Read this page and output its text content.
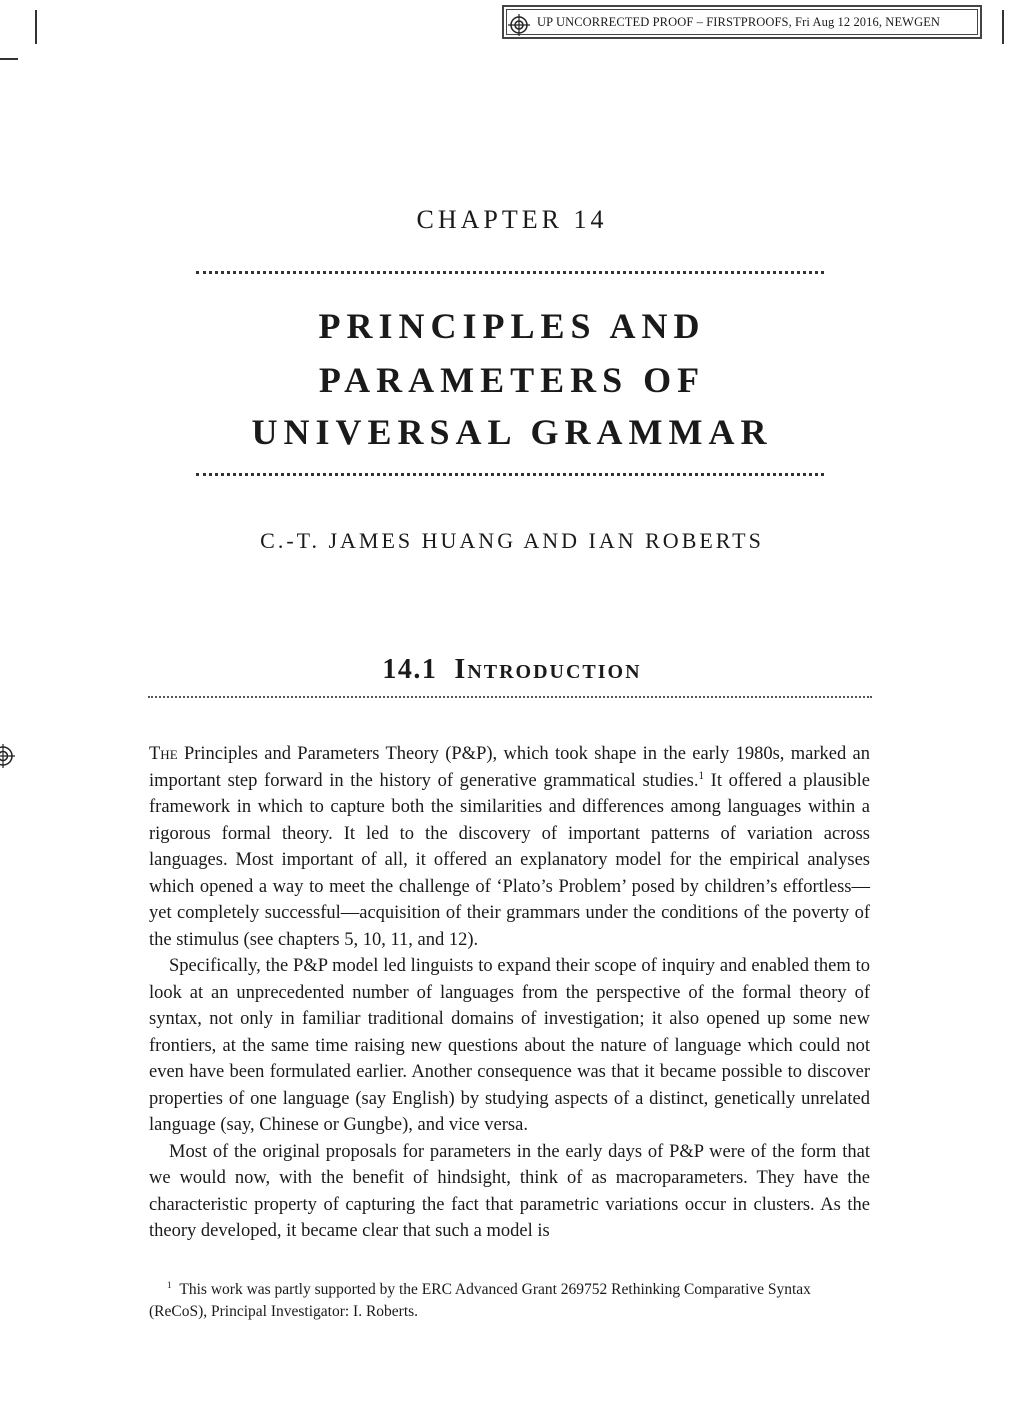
UP UNCORRECTED PROOF – FIRSTPROOFS, Fri Aug 12 2016, NEWGEN
CHAPTER 14
PRINCIPLES AND
PARAMETERS OF
UNIVERSAL GRAMMAR
C.-T. JAMES HUANG AND IAN ROBERTS
14.1 Introduction

The Principles and Parameters Theory (P&P), which took shape in the early 1980s, marked an important step forward in the history of generative grammatical studies.$^1$ It offered a plausible framework in which to capture both the similarities and differences among languages within a rigorous formal theory. It led to the discovery of important patterns of variation across languages. Most important of all, it offered an explanatory model for the empirical analyses which opened a way to meet the challenge of ‘Plato’s Problem’ posed by children’s effortless—yet completely successful—acquisition of their grammars under the conditions of the poverty of the stimulus (see chapters 5, 10, 11, and 12).

Specifically, the P&P model led linguists to expand their scope of inquiry and enabled them to look at an unprecedented number of languages from the perspective of the formal theory of syntax, not only in familiar traditional domains of investigation; it also opened up some new frontiers, at the same time raising new questions about the nature of language which could not even have been formulated earlier. Another consequence was that it became possible to discover properties of one language (say English) by studying aspects of a distinct, genetically unrelated language (say, Chinese or Gungbe), and vice versa.

Most of the original proposals for parameters in the early days of P&P were of the form that we would now, with the benefit of hindsight, think of as macroparameters. They have the characteristic property of capturing the fact that parametric variations occur in clusters. As the theory developed, it became clear that such a model is

$^1$ This work was partly supported by the ERC Advanced Grant 269752 Rethinking Comparative Syntax (ReCoS), Principal Investigator: I. Roberts.
